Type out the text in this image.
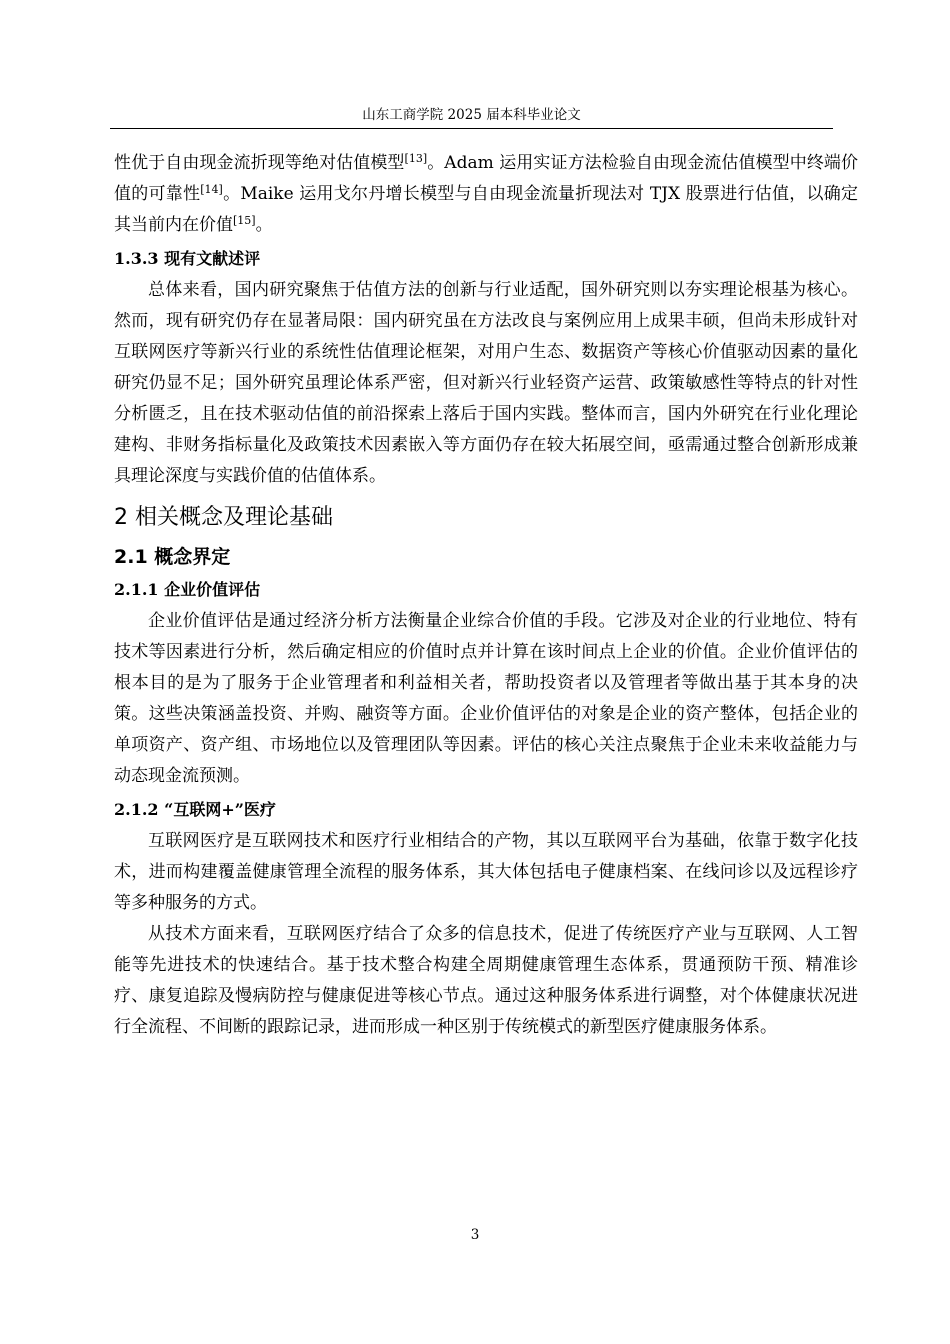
山东工商学院 2025 届本科毕业论文

性优于自由现金流折现等绝对估值模型[13]。Adam 运用实证方法检验自由现金流估值模型中终端价值的可靠性[14]。Maike 运用戈尔丹增长模型与自由现金流量折现法对 TJX 股票进行估值，以确定其当前内在价值[15]。

1.3.3 现有文献述评

总体来看，国内研究聚焦于估值方法的创新与行业适配，国外研究则以夯实理论根基为核心。然而，现有研究仍存在显著局限：国内研究虽在方法改良与案例应用上成果丰硕，但尚未形成针对互联网医疗等新兴行业的系统性估值理论框架，对用户生态、数据资产等核心价值驱动因素的量化研究仍显不足；国外研究虽理论体系严密，但对新兴行业轻资产运营、政策敏感性等特点的针对性分析匮乏，且在技术驱动估值的前沿探索上落后于国内实践。整体而言，国内外研究在行业化理论建构、非财务指标量化及政策技术因素嵌入等方面仍存在较大拓展空间，亟需通过整合创新形成兼具理论深度与实践价值的估值体系。

2 相关概念及理论基础
2.1 概念界定
2.1.1 企业价值评估

企业价值评估是通过经济分析方法衡量企业综合价值的手段。它涉及对企业的行业地位、特有技术等因素进行分析，然后确定相应的价值时点并计算在该时间点上企业的价值。企业价值评估的根本目的是为了服务于企业管理者和利益相关者，帮助投资者以及管理者等做出基于其本身的决策。这些决策涵盖投资、并购、融资等方面。企业价值评估的对象是企业的资产整体，包括企业的单项资产、资产组、市场地位以及管理团队等因素。评估的核心关注点聚焦于企业未来收益能力与动态现金流预测。

2.1.2 “互联网+”医疗

互联网医疗是互联网技术和医疗行业相结合的产物，其以互联网平台为基础，依靠于数字化技术，进而构建覆盖健康管理全流程的服务体系，其大体包括电子健康档案、在线问诊以及远程诊疗等多种服务的方式。

从技术方面来看，互联网医疗结合了众多的信息技术，促进了传统医疗产业与互联网、人工智能等先进技术的快速结合。基于技术整合构建全周期健康管理生态体系，贯通预防干预、精准诊疗、康复追踪及慢病防控与健康促进等核心节点。通过这种服务体系进行调整，对个体健康状况进行全流程、不间断的跟踪记录，进而形成一种区别于传统模式的新型医疗健康服务体系。

3
